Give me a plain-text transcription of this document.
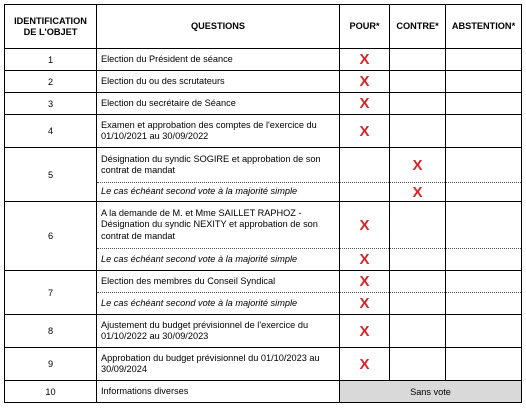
IDENTIFICATION DE L'OBJET	QUESTIONS	POUR*	CONTRE*	ABSTENTION*
1	Election du Président de séance	X		
2	Election du ou des scrutateurs	X		
3	Election du secrétaire de Séance	X		
4	Examen et approbation des comptes de l'exercice du 01/10/2021 au 30/09/2022	X		
5	Désignation du syndic SOGIRE et approbation de son contrat de mandat		X	
	Le cas échéant second vote à la majorité simple		X	
6	A la demande de M. et Mme SAILLET RAPHOZ - Désignation du syndic NEXITY et approbation de son contrat de mandat	X		
	Le cas échéant second vote à la majorité simple	X		
7	Election des membres du Conseil Syndical	X		
	Le cas échéant second vote à la majorité simple	X		
8	Ajustement du budget prévisionnel de l'exercice du 01/10/2022 au 30/09/2023	X		
9	Approbation du budget prévisionnel du 01/10/2023 au 30/09/2024	X		
10	Informations diverses	Sans vote		
